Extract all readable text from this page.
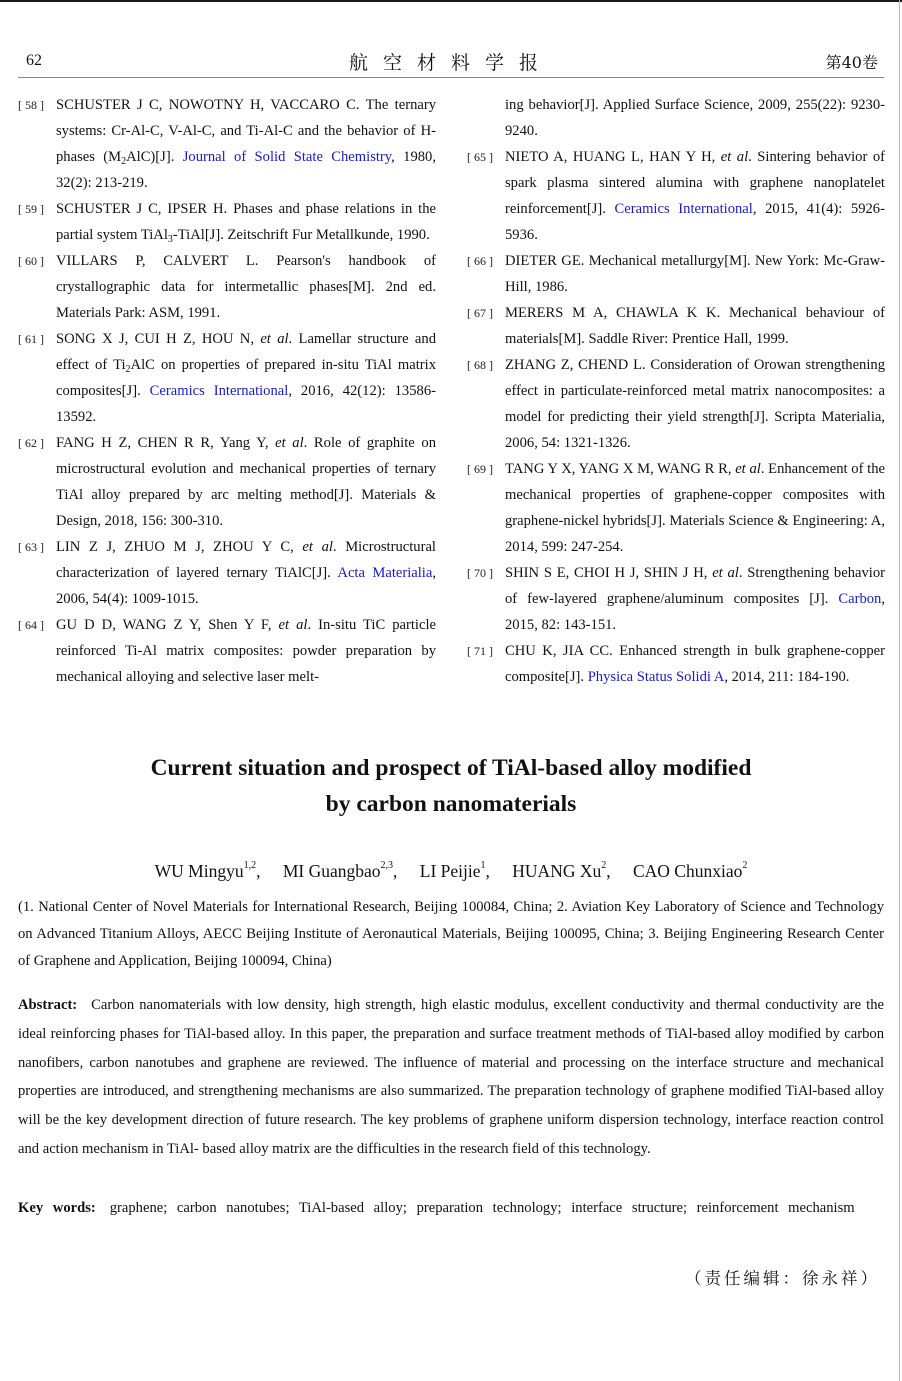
62	航空材料学报	第40卷
[ 58 ] SCHUSTER J C, NOWOTNY H, VACCARO C. The ternary systems: Cr-Al-C, V-Al-C, and Ti-Al-C and the behavior of H-phases $(M_2AlC)[J]$. Journal of Solid State Chemistry, 1980, 32(2): 213-219.
[ 59 ] SCHUSTER J C, IPSER H. Phases and phase relations in the partial system TiAl$_3$-TiAl[J]. Zeitschrift Fur Metallkunde, 1990.
[ 60 ] VILLARS P, CALVERT L. Pearson's handbook of crystallographic data for intermetallic phases[M]. 2nd ed. Materials Park: ASM, 1991.
[ 61 ] SONG X J, CUI H Z, HOU N, et al. Lamellar structure and effect of $Ti_2AlC$ on properties of prepared in-situ TiAl matrix composites[J]. Ceramics International, 2016, 42(12): 13586-13592.
[ 62 ] FANG H Z, CHEN R R, Yang Y, et al. Role of graphite on microstructural evolution and mechanical properties of ternary TiAl alloy prepared by arc melting method[J]. Materials & Design, 2018, 156: 300-310.
[ 63 ] LIN Z J, ZHUO M J, ZHOU Y C, et al. Microstructural characterization of layered ternary TiAlC[J]. Acta Materialia, 2006, 54(4): 1009-1015.
[ 64 ] GU D D, WANG Z Y, Shen Y F, et al. In-situ TiC particle reinforced Ti-Al matrix composites: powder preparation by mechanical alloying and selective laser melt-
ing behavior[J]. Applied Surface Science, 2009, 255(22): 9230-9240.
[ 65 ] NIETO A, HUANG L, HAN Y H, et al. Sintering behavior of spark plasma sintered alumina with graphene nanoplatelet reinforcement[J]. Ceramics International, 2015, 41(4): 5926-5936.
[ 66 ] DIETER GE. Mechanical metallurgy[M]. New York: Mc-Graw-Hill, 1986.
[ 67 ] MERERS M A, CHAWLA K K. Mechanical behaviour of materials[M]. Saddle River: Prentice Hall, 1999.
[ 68 ] ZHANG Z, CHEND L. Consideration of Orowan strengthening effect in particulate-reinforced metal matrix nanocomposites: a model for predicting their yield strength[J]. Scripta Materialia, 2006, 54: 1321-1326.
[ 69 ] TANG Y X, YANG X M, WANG R R, et al. Enhancement of the mechanical properties of graphene-copper composites with graphene-nickel hybrids[J]. Materials Science & Engineering: A, 2014, 599: 247-254.
[ 70 ] SHIN S E, CHOI H J, SHIN J H, et al. Strengthening behavior of few-layered graphene/aluminum composites [J]. Carbon, 2015, 82: 143-151.
[ 71 ] CHU K, JIA CC. Enhanced strength in bulk graphene-copper composite[J]. Physica Status Solidi A, 2014, 211: 184-190.
Current situation and prospect of TiAl-based alloy modified
by carbon nanomaterials
WU Mingyu$^{1,2}$, MI Guangbao$^{2,3}$, LI Peijie$^1$, HUANG Xu$^2$, CAO Chunxiao$^2$
(1. National Center of Novel Materials for International Research, Beijing 100084, China; 2. Aviation Key Laboratory of Science and Technology on Advanced Titanium Alloys, AECC Beijing Institute of Aeronautical Materials, Beijing 100095, China; 3. Beijing Engineering Research Center of Graphene and Application, Beijing 100094, China)
Abstract: Carbon nanomaterials with low density, high strength, high elastic modulus, excellent conductivity and thermal conductivity are the ideal reinforcing phases for TiAl-based alloy. In this paper, the preparation and surface treatment methods of TiAl-based alloy modified by carbon nanofibers, carbon nanotubes and graphene are reviewed. The influence of material and processing on the interface structure and mechanical properties are introduced, and strengthening mechanisms are also summarized. The preparation technology of graphene modified TiAl-based alloy will be the key development direction of future research. The key problems of graphene uniform dispersion technology, interface reaction control and action mechanism in TiAl- based alloy matrix are the difficulties in the research field of this technology.
Key words: graphene; carbon nanotubes; TiAl-based alloy; preparation technology; interface structure; reinforcement mechanism
（责任编辑：徐永祥）
